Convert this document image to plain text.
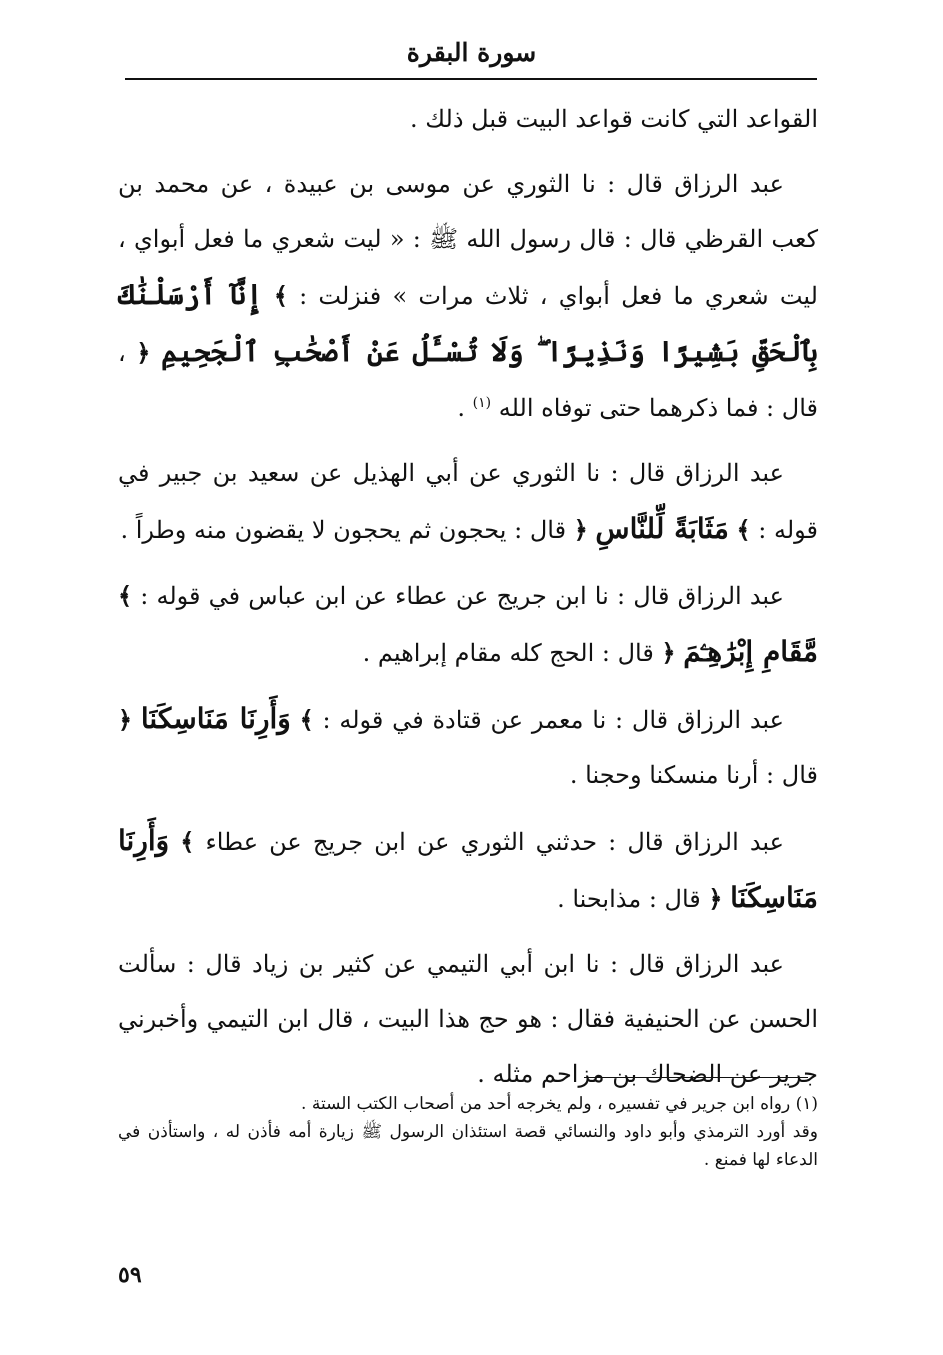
سورة البقرة

القواعد التي كانت قواعد البيت قبل ذلك .

عبد الرزاق قال : نا الثوري عن موسى بن عبيدة ، عن محمد بن كعب القرظي قال : قال رسول الله ﷺ : « ليت شعري ما فعل أبواي ، ليت شعري ما فعل أبواي ، ثلاث مرات » فنزلت : ﴾ إِنَّآ أَرْسَلْنَٰكَ بِٱلْحَقِّ بَشِيرًا وَنَذِيرًا ۖ وَلَا تُسْـَٔلُ عَنْ أَصْحَٰبِ ٱلْجَحِيمِ ﴿ ، قال : فما ذكرهما حتى توفاه الله $^{(١)}$ .

عبد الرزاق قال : نا الثوري عن أبي الهذيل عن سعيد بن جبير في قوله : ﴾ مَثَابَةً لِّلنَّاسِ ﴿ قال : يحجون ثم يحجون لا يقضون منه وطراً .

عبد الرزاق قال : نا ابن جريج عن عطاء عن ابن عباس في قوله : ﴾ مَّقَامِ إِبْرَٰهِـۧمَ ﴿ قال : الحج كله مقام إبراهيم .

عبد الرزاق قال : نا معمر عن قتادة في قوله : ﴾ وَأَرِنَا مَنَاسِكَنَا ﴿ قال : أرنا منسكنا وحجنا .

عبد الرزاق قال : حدثني الثوري عن ابن جريج عن عطاء ﴾ وَأَرِنَا مَنَاسِكَنَا ﴿ قال : مذابحنا .

عبد الرزاق قال : نا ابن أبي التيمي عن كثير بن زياد قال : سألت الحسن عن الحنيفية فقال : هو حج هذا البيت ، قال ابن التيمي وأخبرني جرير عن الضحاك بن مزاحم مثله .

(١) رواه ابن جرير في تفسيره ، ولم يخرجه أحد من أصحاب الكتب الستة .

وقد أورد الترمذي وأبو داود والنسائي قصة استئذان الرسول ﷺ زيارة أمه فأذن له ، واستأذن في الدعاء لها فمنع .

٥٩
